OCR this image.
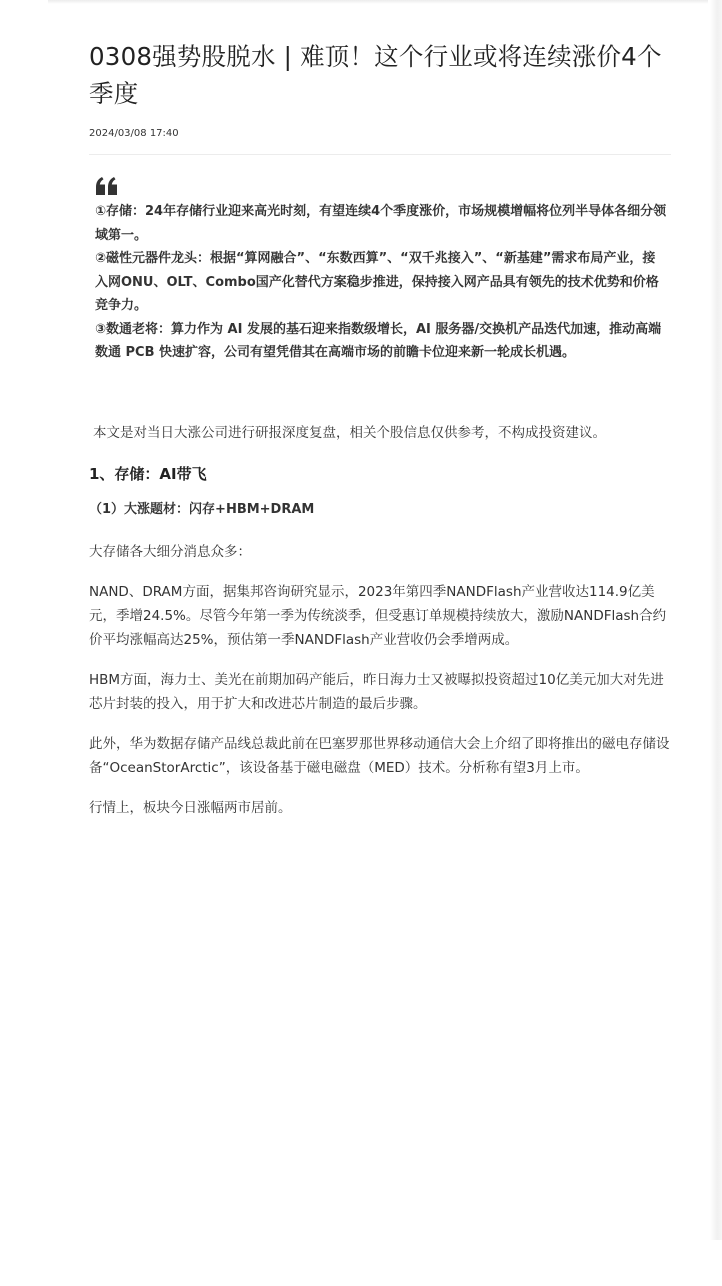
0308强势股脱水 | 难顶！这个行业或将连续涨价4个季度
2024/03/08 17:40

①存储：24年存储行业迎来高光时刻，有望连续4个季度涨价，市场规模增幅将位列半导体各细分领域第一。

②磁性元器件龙头：根据“算网融合”、“东数西算”、“双千兆接入”、“新基建”需求布局产业，接入网ONU、OLT、Combo国产化替代方案稳步推进，保持接入网产品具有领先的技术优势和价格竞争力。

③数通老将：算力作为 AI 发展的基石迎来指数级增长，AI 服务器/交换机产品迭代加速，推动高端数通 PCB 快速扩容，公司有望凭借其在高端市场的前瞻卡位迎来新一轮成长机遇。

本文是对当日大涨公司进行研报深度复盘，相关个股信息仅供参考，不构成投资建议。

1、存储：AI带飞
（1）大涨题材：闪存+HBM+DRAM

大存储各大细分消息众多：

NAND、DRAM方面，据集邦咨询研究显示，2023年第四季NANDFlash产业营收达114.9亿美元，季增24.5%。尽管今年第一季为传统淡季，但受惠订单规模持续放大，激励NANDFlash合约价平均涨幅高达25%，预估第一季NANDFlash产业营收仍会季增两成。

HBM方面，海力士、美光在前期加码产能后，昨日海力士又被曝拟投资超过10亿美元加大对先进芯片封装的投入，用于扩大和改进芯片制造的最后步骤。

此外，华为数据存储产品线总裁此前在巴塞罗那世界移动通信大会上介绍了即将推出的磁电存储设备“OceanStorArctic”，该设备基于磁电磁盘（MED）技术。分析称有望3月上市。

行情上，板块今日涨幅两市居前。
